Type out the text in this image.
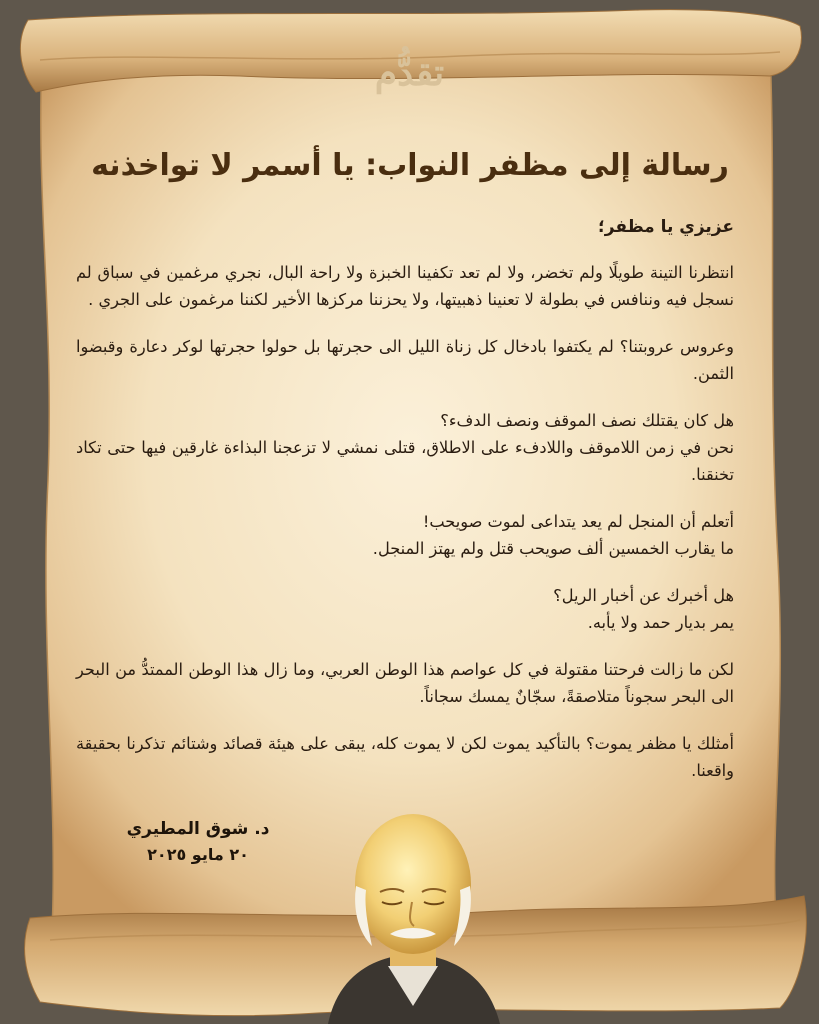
تقدُّم
رسالة إلى مظفر النواب: يا أسمر لا تواخذنه

عزيزي يا مظفر؛

انتظرنا التينة طويلًا ولم تخضر، ولا لم تعد تكفينا الخبزة ولا راحة البال، نجري مرغمين في سباق لم نسجل فيه وننافس في بطولة لا تعنينا ذهبيتها، ولا يحزننا مركزها الأخير لكننا مرغمون على الجري .

وعروس عروبتنا؟ لم يكتفوا بادخال كل زناة الليل الى حجرتها بل حولوا حجرتها لوكر دعارة وقبضوا الثمن.

هل كان يقتلك نصف الموقف ونصف الدفء؟
نحن في زمن اللاموقف واللادفء على الاطلاق، قتلى نمشي لا تزعجنا البذاءة غارقين فيها حتى تكاد تخنقنا.

أتعلم أن المنجل لم يعد يتداعى لموت صويحب!
ما يقارب الخمسين ألف صويحب قتل ولم يهتز المنجل.

هل أخبرك عن أخبار الريل؟
يمر بديار حمد ولا يأبه.

لكن ما زالت فرحتنا مقتولة في كل عواصم هذا الوطن العربي، وما زال هذا الوطن الممتدُّ من البحر الى البحر سجوناً متلاصقةً، سجّانٌ يمسك سجاناً.

أمثلك يا مظفر يموت؟ بالتأكيد يموت لكن لا يموت كله، يبقى على هيئة قصائد وشتائم تذكرنا بحقيقة واقعنا.

د. شوق المطيري
٢٠ مايو ٢٠٢٥
